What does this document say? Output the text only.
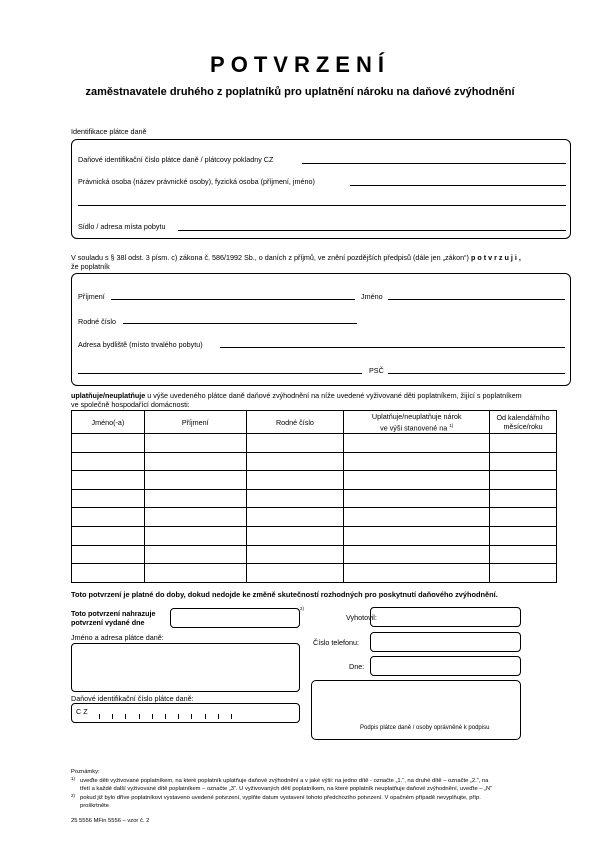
POTVRZENÍ
zaměstnavatele druhého z poplatníků pro uplatnění nároku na daňové zvýhodnění
Identifikace plátce daně
Daňové identifikační číslo plátce daně / plátcovy pokladny CZ
Právnická osoba (název právnické osoby), fyzická osoba (příjmení, jméno)
Sídlo / adresa místa pobytu
V souladu s § 38l odst. 3 písm. c) zákona č. 586/1992 Sb., o daních z příjmů, ve znění pozdějších předpisů (dále jen „zákon“) p o t v r z u j i ,
že poplatník
Příjmení	Jméno
Rodné číslo
Adresa bydliště (místo trvalého pobytu)
PSČ
uplatňuje/neuplatňuje u výše uvedeného plátce daně daňové zvýhodnění na níže uvedené vyživované děti poplatníkem, žijící s poplatníkem
ve společně hospodařící domácnosti:
Jméno(-a)	Příjmení	Rodné číslo	Uplatňuje/neuplatňuje nárok
ve výši stanovené na $^{1)}$	Od kalendářního
měsíce/roku

Toto potvrzení je platné do doby, dokud nedojde ke změně skutečností rozhodných pro poskytnutí daňového zvýhodnění.
Toto potvrzení nahrazuje
potvrzení vydané dne
2)
Jméno a adresa plátce daně:
Daňové identifikační číslo plátce daně:
C Z
Vyhotovil:
Číslo telefonu:
Dne:
Podpis plátce daně / osoby oprávněné k podpisu
Poznámky:
1) uveďte děti vyživované poplatníkem, na které poplatník uplatňuje daňové zvýhodnění a v jaké výši: na jedno dítě - označte „1.“, na druhé dítě – označte „2.“, na
třetí a každé další vyživované dítě poplatníkem – označte „3“. U vyživovaných dětí poplatníkem, na které poplatník neuplatňuje daňové zvýhodnění, uveďte – „N“
2) pokud již bylo dříve poplatníkovi vystaveno uvedené potvrzení, vyplňte datum vystavení tohoto předchozího potvrzení. V opačném případě nevyplňujte, příp.
proškrtněte
25 5556 MFin 5556 – vzor č. 2
